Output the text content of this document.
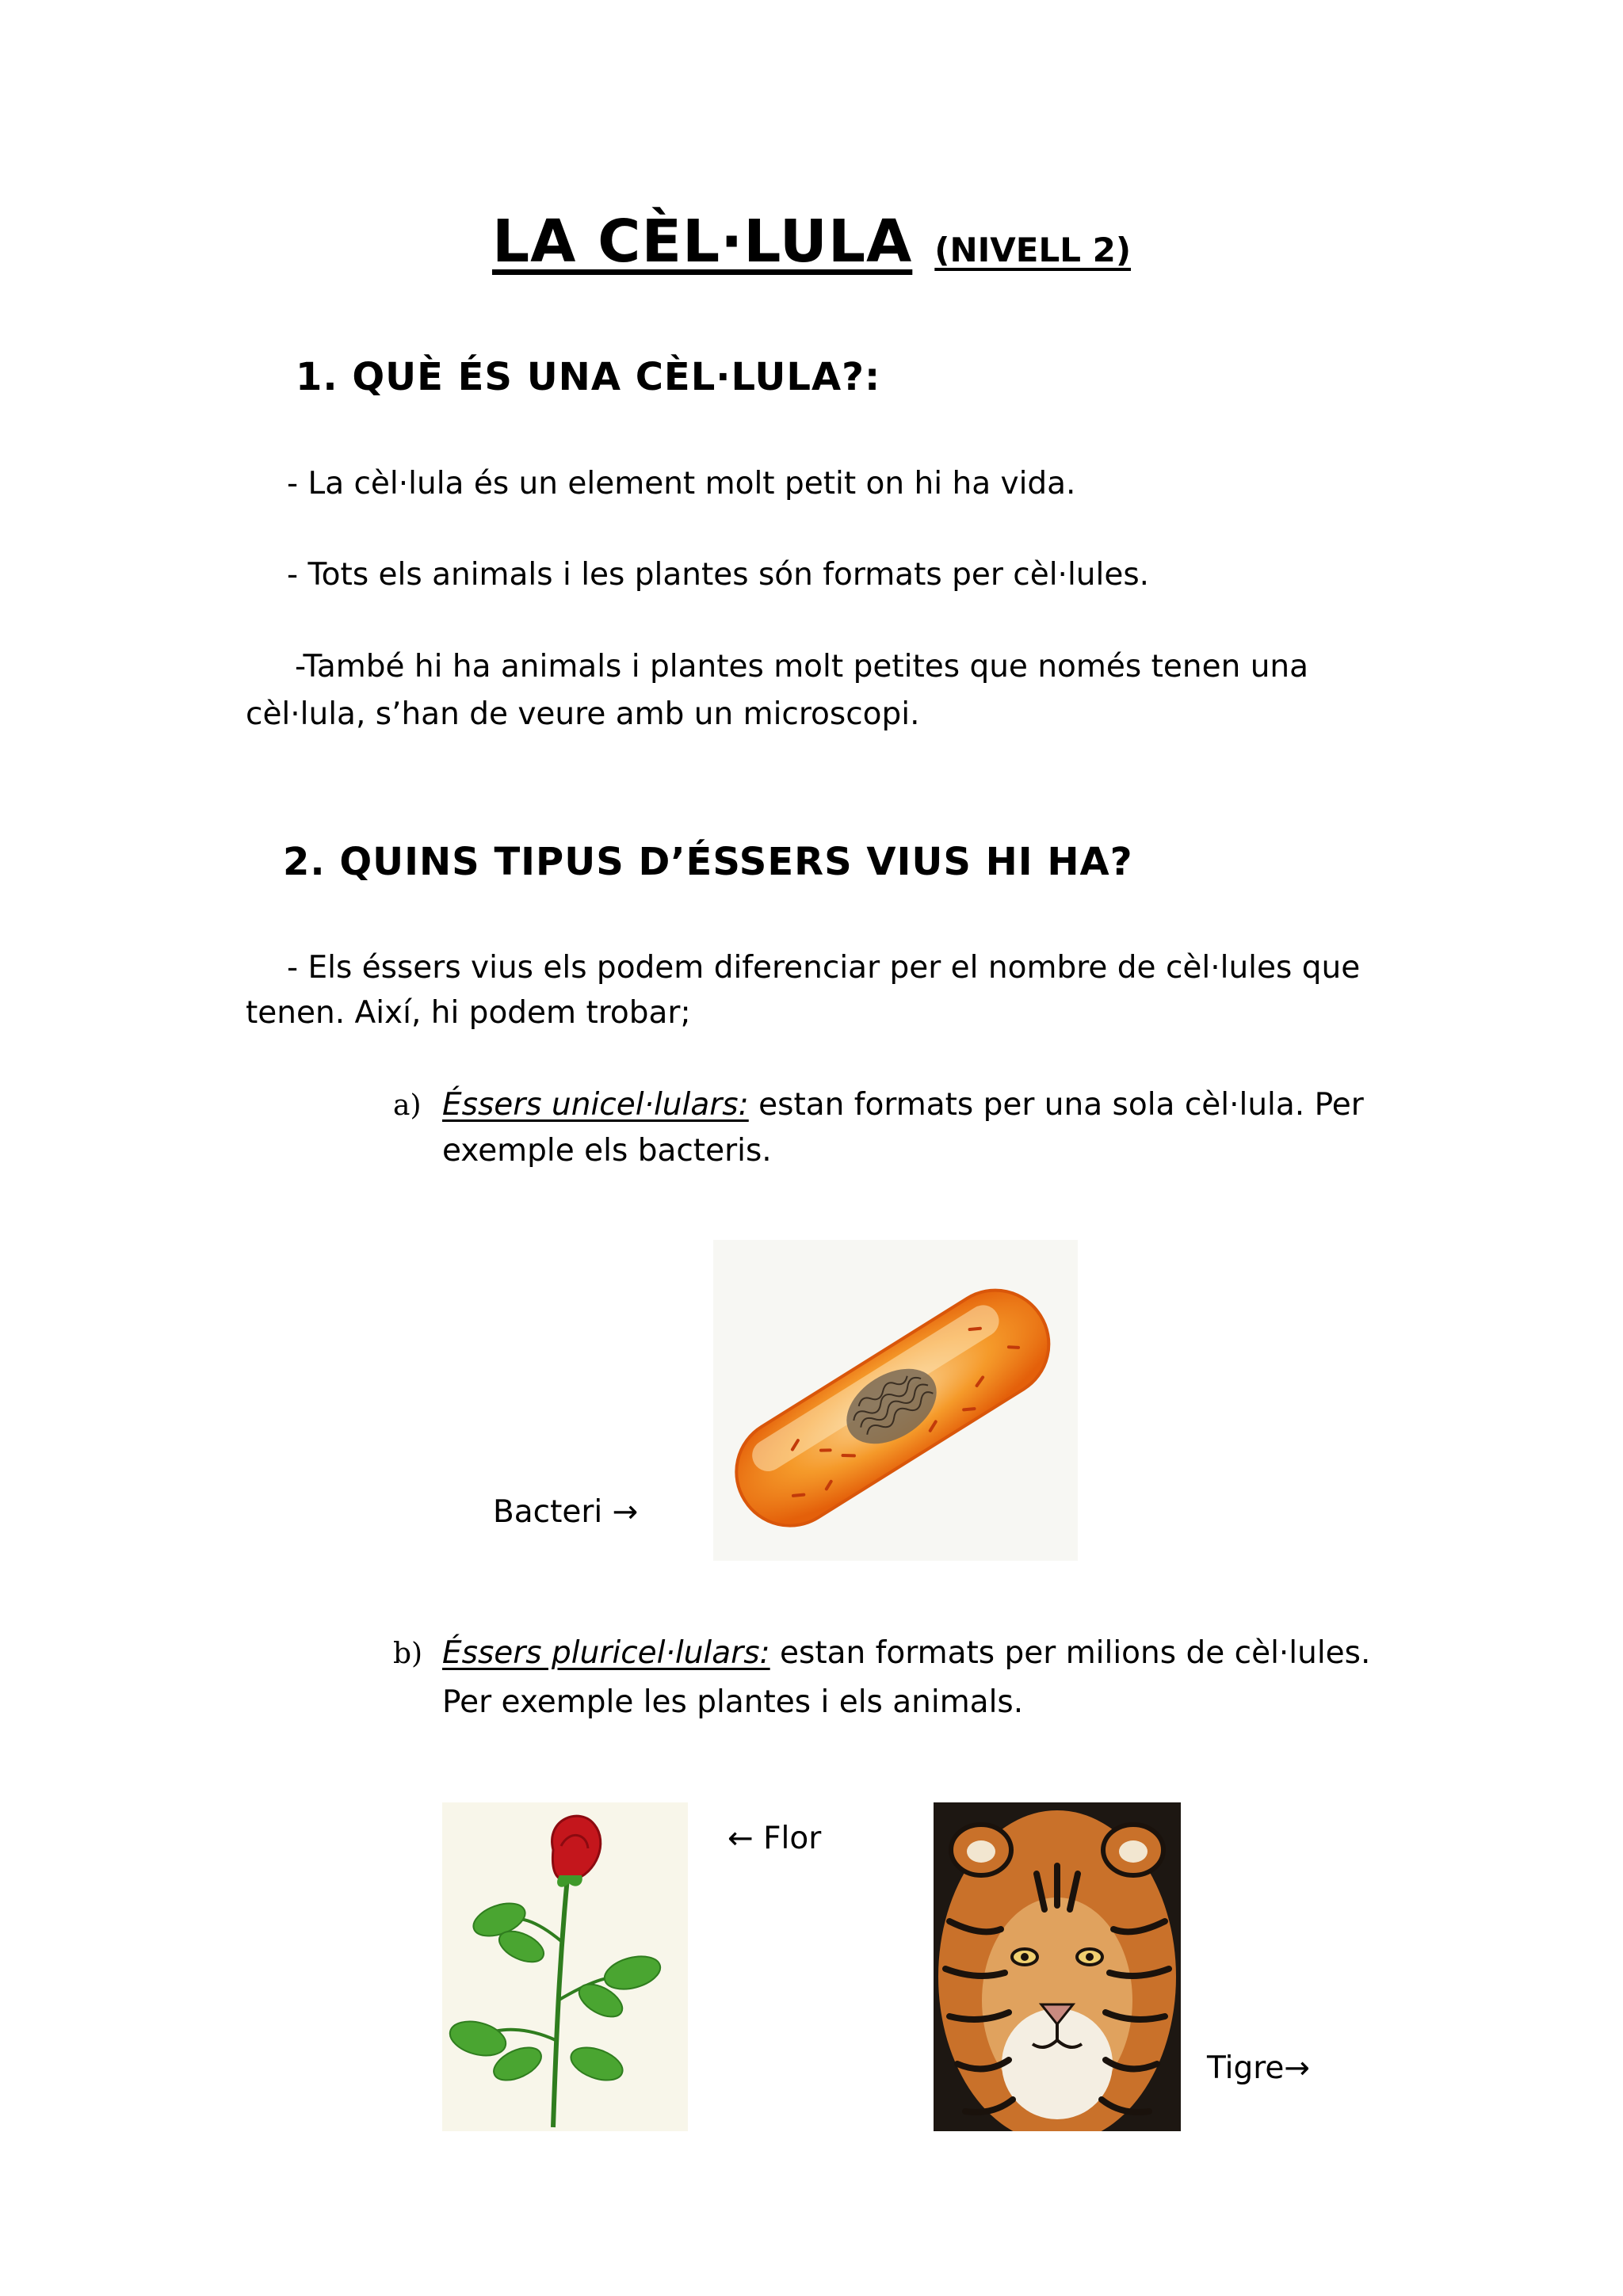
LA CÈL·LULA (NIVELL 2)
1. QUÈ ÉS UNA CÈL·LULA?:
- La cèl·lula és un element molt petit on hi ha vida.
- Tots els animals i les plantes són formats per cèl·lules.
-També hi ha animals i plantes molt petites que només tenen una
cèl·lula, s’han de veure amb un microscopi.
2. QUINS TIPUS D’ÉSSERS VIUS HI HA?
- Els éssers vius els podem diferenciar per el nombre de cèl·lules que
tenen. Així, hi podem trobar;
a) Éssers unicel·lulars: estan formats per una sola cèl·lula. Per
exemple els bacteris.
Bacteri →
b) Éssers pluricel·lulars: estan formats per milions de cèl·lules.
Per exemple les plantes i els animals.
← Flor
Tigre→
